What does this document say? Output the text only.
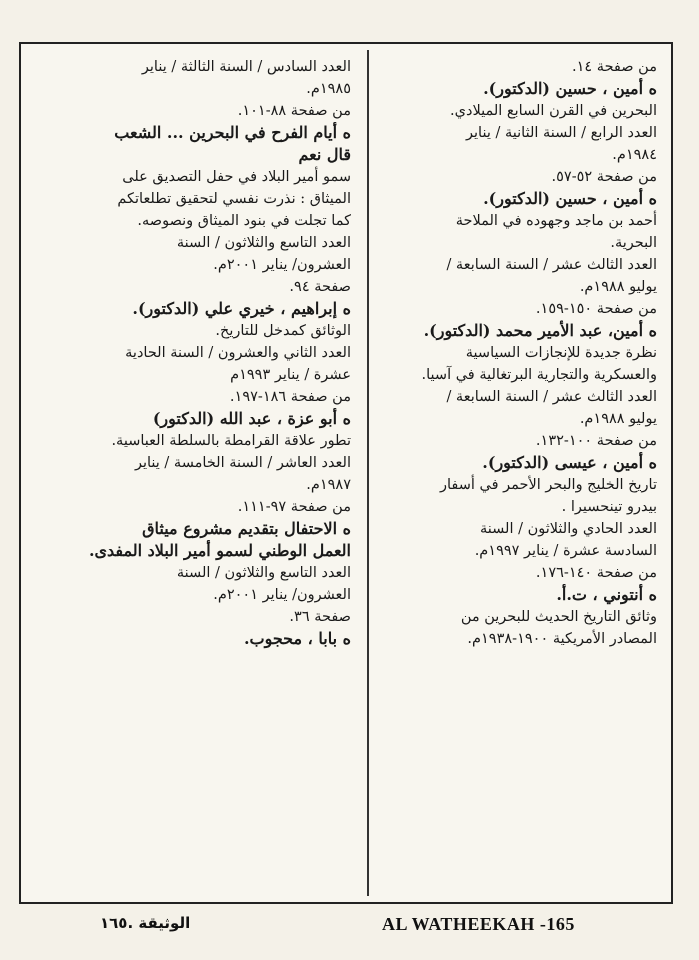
من صفحة ١٤.
ه أمين ، حسين (الدكتور).
البحرين في القرن السابع الميلادي.
العدد الرابع / السنة الثانية / يناير
١٩٨٤م.
من صفحة ٥٢-٥٧.
ه أمين ، حسين (الدكتور).
أحمد بن ماجد وجهوده في الملاحة
البحرية.
العدد الثالث عشر / السنة السابعة /
يوليو ١٩٨٨م.
من صفحة ١٥٠-١٥٩.
ه أمين، عبد الأمير محمد (الدكتور).
نظرة جديدة للإنجازات السياسية
والعسكرية والتجارية البرتغالية في آسيا.
العدد الثالث عشر / السنة السابعة /
يوليو ١٩٨٨م.
من صفحة ١٠٠-١٣٢.
ه أمين ، عيسى (الدكتور).
تاريخ الخليج والبحر الأحمر في أسفار
بيدرو تينحسيرا .
العدد الحادي والثلاثون / السنة
السادسة عشرة / يناير ١٩٩٧م.
من صفحة ١٤٠-١٧٦.
ه أنتوني ، ت.أ.
وثائق التاريخ الحديث للبحرين من
المصادر الأمريكية ١٩٠٠-١٩٣٨م.
العدد السادس / السنة الثالثة / يناير
١٩٨٥م.
من صفحة ٨٨-١٠١.
ه أيام الفرح في البحرين ... الشعب
قال نعم
سمو أمير البلاد في حفل التصديق على
الميثاق : نذرت نفسي لتحقيق تطلعاتكم
كما تجلت في بنود الميثاق ونصوصه.
العدد التاسع والثلاثون / السنة
العشرون/ يناير ٢٠٠١م.
صفحة ٩٤.
ه إبراهيم ، خيري علي (الدكتور).
الوثائق كمدخل للتاريخ.
العدد الثاني والعشرون / السنة الحادية
عشرة / يناير ١٩٩٣م
من صفحة ١٨٦-١٩٧.
ه أبو عزة ، عبد الله (الدكتور)
تطور علاقة القرامطة بالسلطة العباسية.
العدد العاشر / السنة الخامسة / يناير
١٩٨٧م.
من صفحة ٩٧-١١١.
ه الاحتفال بتقديم مشروع ميثاق
العمل الوطني لسمو أمير البلاد المفدى.
العدد التاسع والثلاثون / السنة
العشرون/ يناير ٢٠٠١م.
صفحة ٣٦.
ه بابا ، محجوب.
AL WATHEEKAH -165
الوثيقة .١٦٥
